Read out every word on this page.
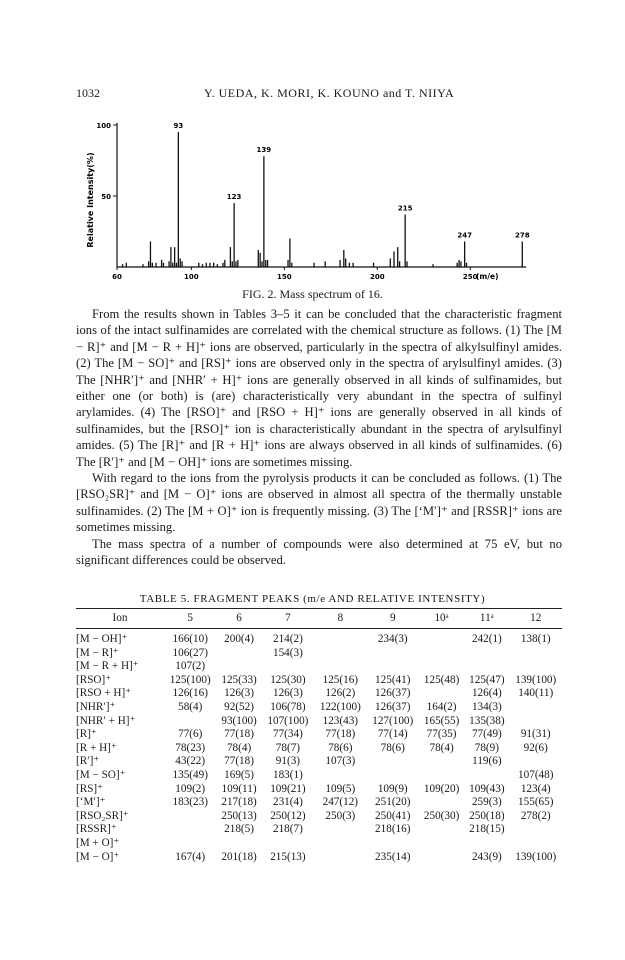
1032	Y. UEDA, K. MORI, K. KOUNO and T. NIIYA
100
50
60	100	150	200	250
(m/e)
Relative Intensity(%)
93
123
139
215
247	278
FIG. 2. Mass spectrum of 16.

From the results shown in Tables 3–5 it can be concluded that the characteristic fragment ions of the intact sulfinamides are correlated with the chemical structure as follows. (1) The [M − R]⁺ and [M − R + H]⁺ ions are observed, particularly in the spectra of alkylsulfinyl amides. (2) The [M − SO]⁺ and [RS]⁺ ions are observed only in the spectra of arylsulfinyl amides. (3) The [NHR′]⁺ and [NHR′ + H]⁺ ions are generally observed in all kinds of sulfinamides, but either one (or both) is (are) characteristically very abundant in the spectra of sulfinyl arylamides. (4) The [RSO]⁺ and [RSO + H]⁺ ions are generally observed in all kinds of sulfinamides, but the [RSO]⁺ ion is characteristically abundant in the spectra of arylsulfinyl amides. (5) The [R]⁺ and [R + H]⁺ ions are always observed in all kinds of sulfinamides. (6) The [R′]⁺ and [M − OH]⁺ ions are sometimes missing.

With regard to the ions from the pyrolysis products it can be concluded as follows. (1) The [RSO₂SR]⁺ and [M − O]⁺ ions are observed in almost all spectra of the thermally unstable sulfinamides. (2) The [M + O]⁺ ion is frequently missing. (3) The [‘M′]⁺ and [RSSR]⁺ ions are sometimes missing.

The mass spectra of a number of compounds were also determined at 75 eV, but no significant differences could be observed.

TABLE 5. FRAGMENT PEAKS (m/e AND RELATIVE INTENSITY)
Ion	5	6	7	8	9	10ᵃ	11ᵃ	12
[M − OH]⁺	166(10)	200(4)	214(2)		234(3)		242(1)	138(1)
[M − R]⁺	106(27)		154(3)					
[M − R + H]⁺	107(2)							
[RSO]⁺	125(100)	125(33)	125(30)	125(16)	125(41)	125(48)	125(47)	139(100)
[RSO + H]⁺	126(16)	126(3)	126(3)	126(2)	126(37)		126(4)	140(11)
[NHR′]⁺	58(4)	92(52)	106(78)	122(100)	126(37)	164(2)	134(3)	
[NHR′ + H]⁺		93(100)	107(100)	123(43)	127(100)	165(55)	135(38)	
[R]⁺	77(6)	77(18)	77(34)	77(18)	77(14)	77(35)	77(49)	91(31)
[R + H]⁺	78(23)	78(4)	78(7)	78(6)	78(6)	78(4)	78(9)	92(6)
[R′]⁺	43(22)	77(18)	91(3)	107(3)			119(6)	
[M − SO]⁺	135(49)	169(5)	183(1)					107(48)
[RS]⁺	109(2)	109(11)	109(21)	109(5)	109(9)	109(20)	109(43)	123(4)
[‘M′]⁺	183(23)	217(18)	231(4)	247(12)	251(20)		259(3)	155(65)
[RSO₂SR]⁺		250(13)	250(12)	250(3)	250(41)	250(30)	250(18)	278(2)
[RSSR]⁺		218(5)	218(7)		218(16)		218(15)	
[M + O]⁺								
[M − O]⁺	167(4)	201(18)	215(13)		235(14)		243(9)	139(100)
